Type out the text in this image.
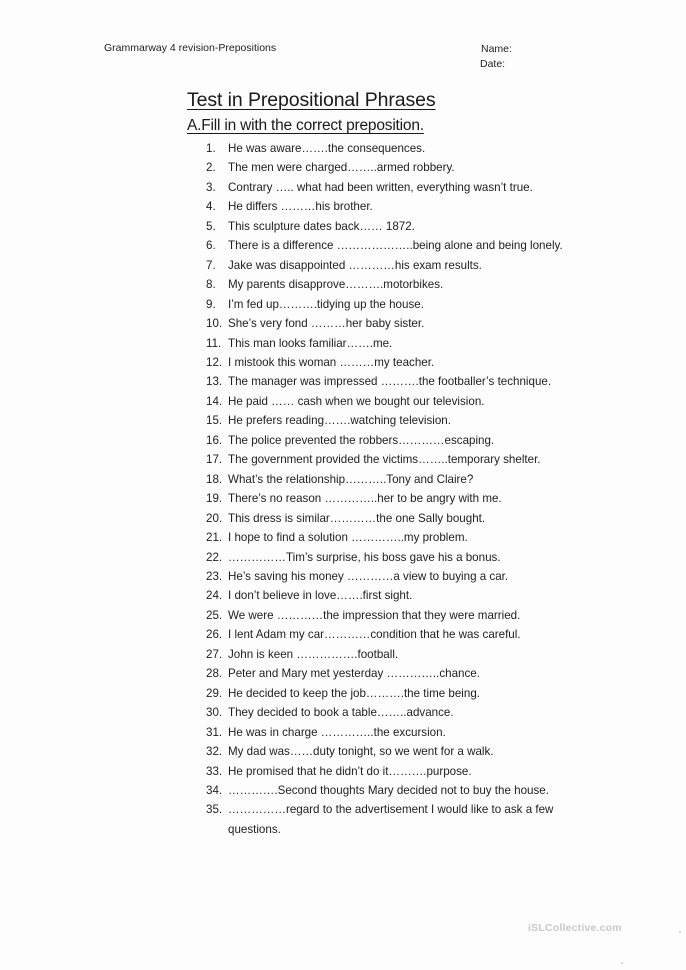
Grammarway 4 revision-Prepositions	Name:
Date:
Test in Prepositional Phrases
A.Fill in with the correct preposition.
1.	He was aware…….the consequences.
2.	The men were charged……..armed robbery.
3.	Contrary ….. what had been written, everything wasn’t true.
4.	He differs ………his brother.
5.	This sculpture dates back…… 1872.
6.	There is a difference ………………..being alone and being lonely.
7.	Jake was disappointed …………his exam results.
8.	My parents disapprove……….motorbikes.
9.	I’m fed up……….tidying up the house.
10. She’s very fond ………her baby sister.
11. This man looks familiar…….me.
12. I mistook this woman ………my teacher.
13. The manager was impressed ……….the footballer’s technique.
14. He paid …… cash when we bought our television.
15. He prefers reading…….watching television.
16. The police prevented the robbers…………escaping.
17. The government provided the victims……..temporary shelter.
18. What’s the relationship………..Tony and Claire?
19. There’s no reason …………..her to be angry with me.
20. This dress is similar…………the one Sally bought.
21. I hope to find a solution …………..my problem.
22. ……………Tim’s surprise, his boss gave his a bonus.
23. He’s saving his money …………a view to buying a car.
24. I don’t believe in love…….first sight.
25. We were …………the impression that they were married.
26. I lent Adam my car…………condition that he was careful.
27. John is keen …………….football.
28. Peter and Mary met yesterday …………..chance.
29. He decided to keep the job……….the time being.
30. They decided to book a table……..advance.
31. He was in charge …………..the excursion.
32. My dad was……duty tonight, so we went for a walk.
33. He promised that he didn’t do it……….purpose.
34. ………….Second thoughts Mary decided not to buy the house.
35. ……………regard to the advertisement I would like to ask a few questions.
iSLCollective.com
